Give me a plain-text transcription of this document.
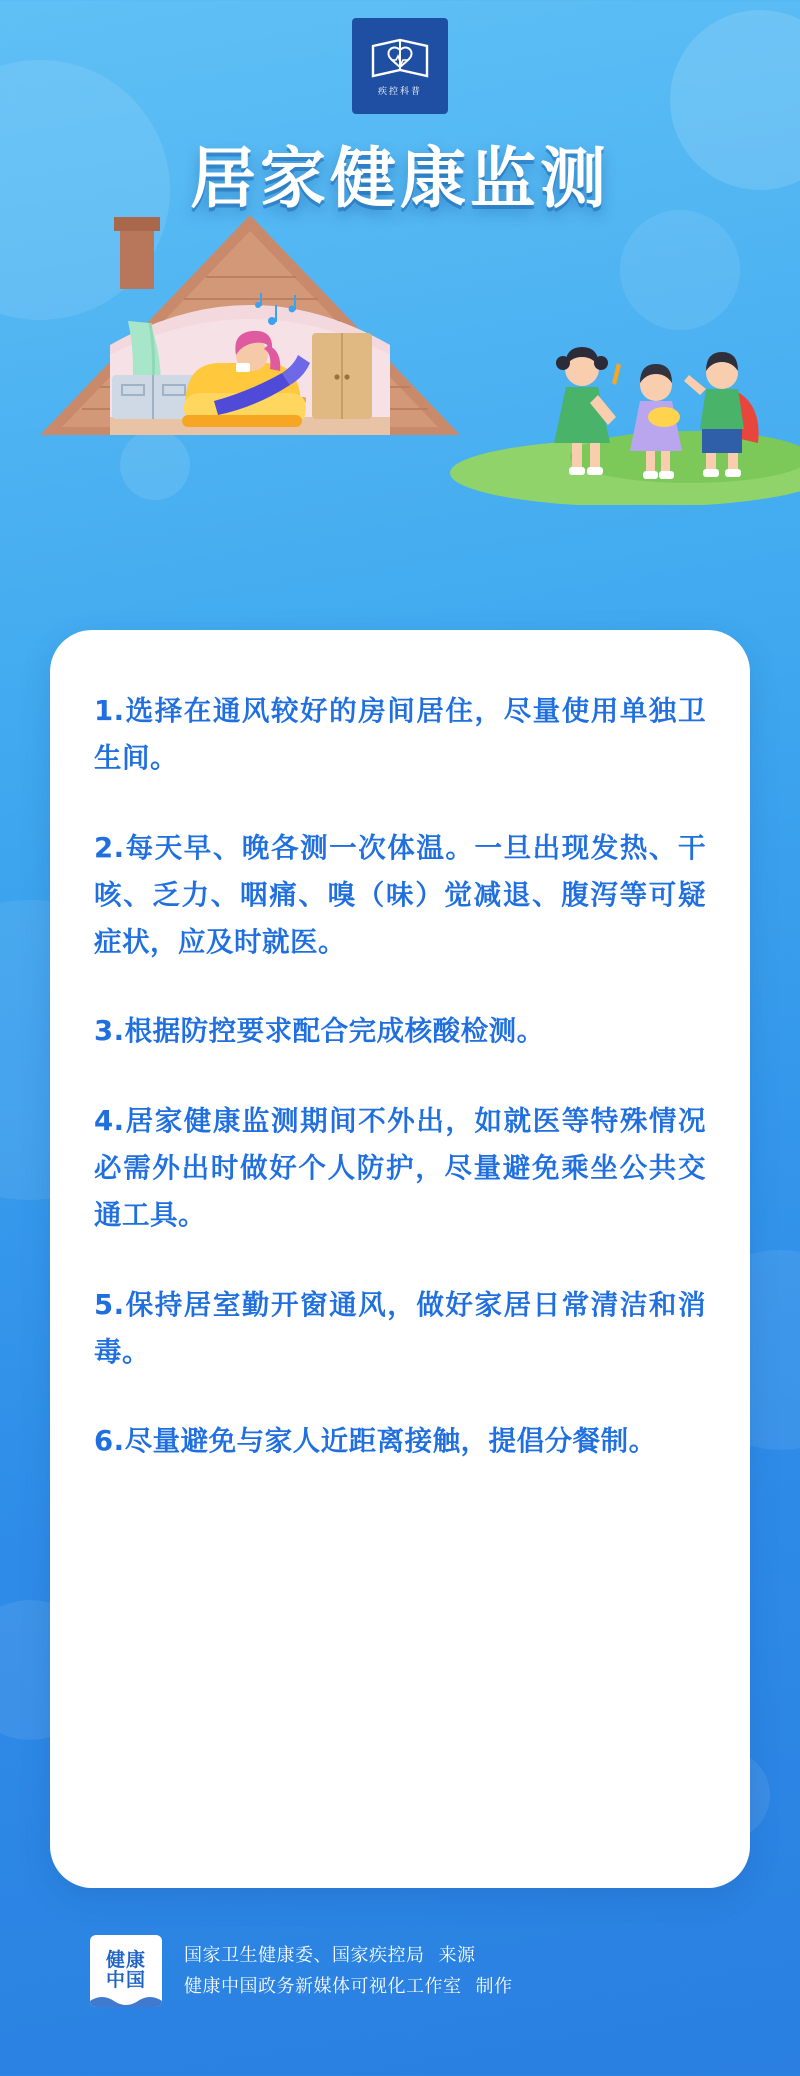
疾控科普
居家健康监测
1.选择在通风较好的房间居住，尽量使用单独卫生间。
2.每天早、晚各测一次体温。一旦出现发热、干咳、乏力、咽痛、嗅（味）觉减退、腹泻等可疑症状，应及时就医。
3.根据防控要求配合完成核酸检测。
4.居家健康监测期间不外出，如就医等特殊情况必需外出时做好个人防护，尽量避免乘坐公共交通工具。
5.保持居室勤开窗通风，做好家居日常清洁和消毒。
6.尽量避免与家人近距离接触，提倡分餐制。
健康
中国
国家卫生健康委、国家疾控局 来源
健康中国政务新媒体可视化工作室 制作
